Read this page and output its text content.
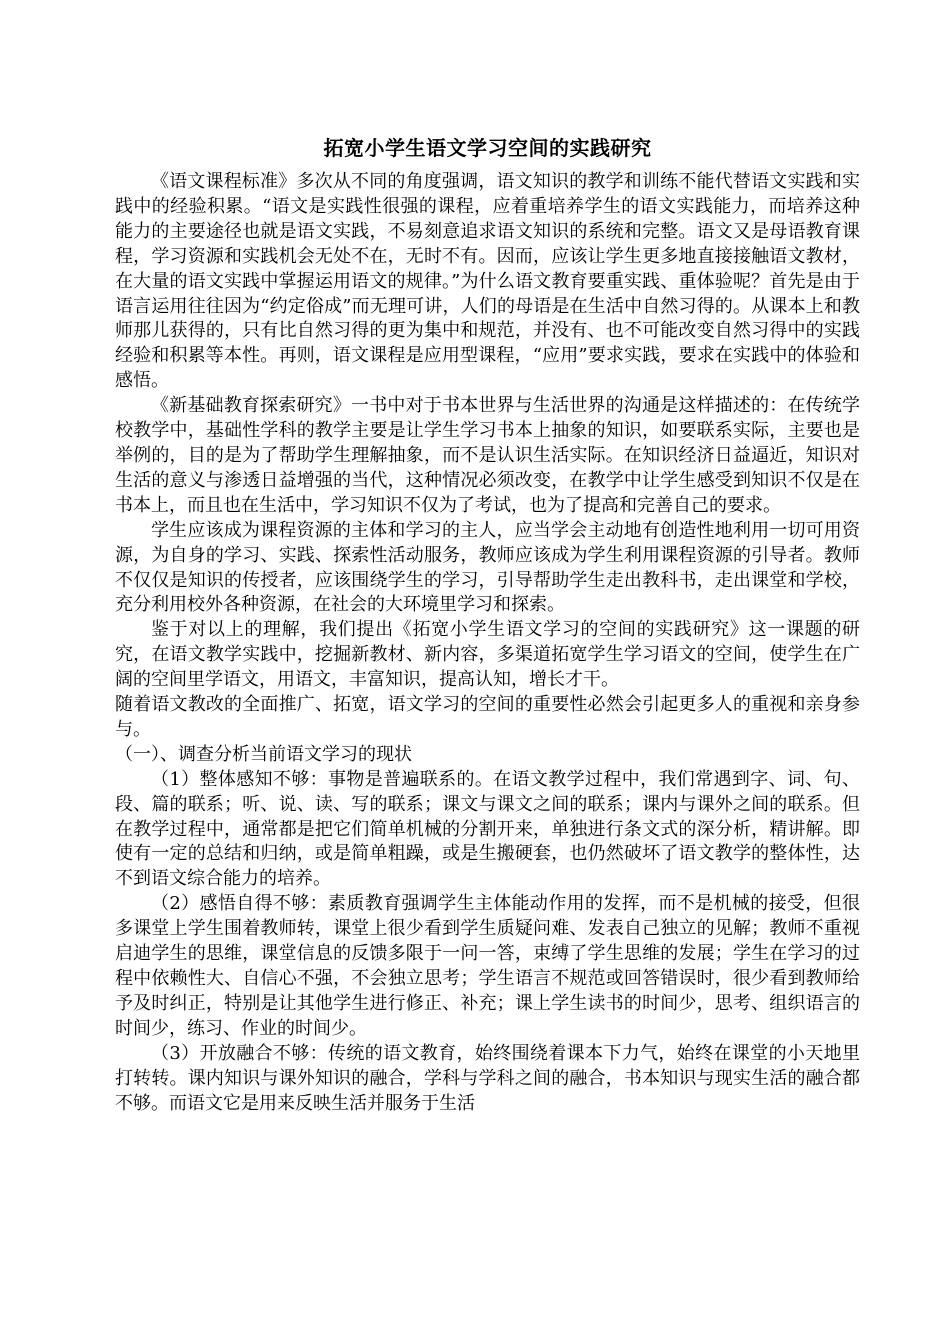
拓宽小学生语文学习空间的实践研究

《语文课程标准》多次从不同的角度强调，语文知识的教学和训练不能代替语文实践和实践中的经验积累。“语文是实践性很强的课程，应着重培养学生的语文实践能力，而培养这种能力的主要途径也就是语文实践，不易刻意追求语文知识的系统和完整。语文又是母语教育课程，学习资源和实践机会无处不在，无时不有。因而，应该让学生更多地直接接触语文教材，在大量的语文实践中掌握运用语文的规律。”为什么语文教育要重实践、重体验呢？首先是由于语言运用往往因为“约定俗成”而无理可讲，人们的母语是在生活中自然习得的。从课本上和教师那儿获得的，只有比自然习得的更为集中和规范，并没有、也不可能改变自然习得中的实践经验和积累等本性。再则，语文课程是应用型课程，“应用”要求实践，要求在实践中的体验和感悟。

《新基础教育探索研究》一书中对于书本世界与生活世界的沟通是这样描述的：在传统学校教学中，基础性学科的教学主要是让学生学习书本上抽象的知识，如要联系实际，主要也是举例的，目的是为了帮助学生理解抽象，而不是认识生活实际。在知识经济日益逼近，知识对生活的意义与渗透日益增强的当代，这种情况必须改变，在教学中让学生感受到知识不仅是在书本上，而且也在生活中，学习知识不仅为了考试，也为了提高和完善自己的要求。

学生应该成为课程资源的主体和学习的主人，应当学会主动地有创造性地利用一切可用资源，为自身的学习、实践、探索性活动服务，教师应该成为学生利用课程资源的引导者。教师不仅仅是知识的传授者，应该围绕学生的学习，引导帮助学生走出教科书，走出课堂和学校，充分利用校外各种资源，在社会的大环境里学习和探索。

鉴于对以上的理解，我们提出《拓宽小学生语文学习的空间的实践研究》这一课题的研究，在语文教学实践中，挖掘新教材、新内容，多渠道拓宽学生学习语文的空间，使学生在广阔的空间里学语文，用语文，丰富知识，提高认知，增长才干。

随着语文教改的全面推广、拓宽，语文学习的空间的重要性必然会引起更多人的重视和亲身参与。

（一）、调查分析当前语文学习的现状

（1）整体感知不够：事物是普遍联系的。在语文教学过程中，我们常遇到字、词、句、段、篇的联系；听、说、读、写的联系；课文与课文之间的联系；课内与课外之间的联系。但在教学过程中，通常都是把它们简单机械的分割开来，单独进行条文式的深分析，精讲解。即使有一定的总结和归纳，或是简单粗躁，或是生搬硬套，也仍然破坏了语文教学的整体性，达不到语文综合能力的培养。

（2）感悟自得不够：素质教育强调学生主体能动作用的发挥，而不是机械的接受，但很多课堂上学生围着教师转，课堂上很少看到学生质疑问难、发表自己独立的见解；教师不重视启迪学生的思维，课堂信息的反馈多限于一问一答，束缚了学生思维的发展；学生在学习的过程中依赖性大、自信心不强，不会独立思考；学生语言不规范或回答错误时，很少看到教师给予及时纠正，特别是让其他学生进行修正、补充；课上学生读书的时间少，思考、组织语言的时间少，练习、作业的时间少。

（3）开放融合不够：传统的语文教育，始终围绕着课本下力气，始终在课堂的小天地里打转转。课内知识与课外知识的融合，学科与学科之间的融合，书本知识与现实生活的融合都不够。而语文它是用来反映生活并服务于生活
